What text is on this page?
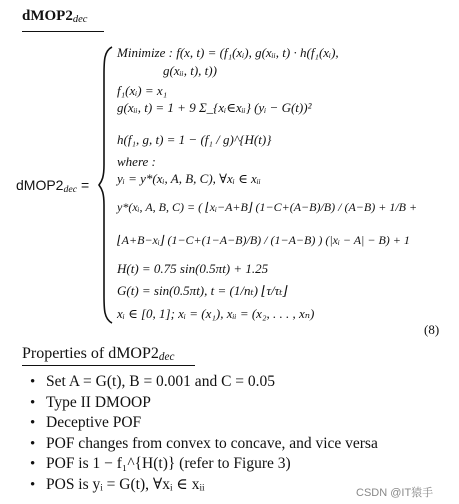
dMOP2dec
dMOP2dec =
Minimize : f(x, t) = (f₁(xᵢ), g(xᵢᵢ, t) · h(f₁(xᵢ),
g(xᵢᵢ, t), t))
f₁(xᵢ) = x₁
g(xᵢᵢ, t) = 1 + 9 Σ_{xᵢ∈xᵢᵢ} (yᵢ − G(t))²
h(f₁, g, t) = 1 − (f₁ / g)^{H(t)}
where :
yᵢ = y*(xᵢ, A, B, C), ∀xᵢ ∈ xᵢᵢ
y*(xᵢ, A, B, C) = ( ⌊xᵢ−A+B⌋ (1−C+(A−B)/B) / (A−B) + 1/B +
⌊A+B−xᵢ⌋ (1−C+(1−A−B)/B) / (1−A−B) ) (|xᵢ − A| − B) + 1
H(t) = 0.75 sin(0.5πt) + 1.25
G(t) = sin(0.5πt), t = (1/nₜ) ⌊τ/τₜ⌋
xᵢ ∈ [0, 1]; xᵢ = (x₁), xᵢᵢ = (x₂, . . . , xₙ)
(8)
Properties of dMOP2dec
• Set A = G(t), B = 0.001 and C = 0.05
• Type II DMOOP
• Deceptive POF
• POF changes from convex to concave, and vice versa
• POF is 1 − f₁^{H(t)} (refer to Figure 3)
• POS is yᵢ = G(t), ∀xᵢ ∈ xᵢᵢ
CSDN @IT猿手
